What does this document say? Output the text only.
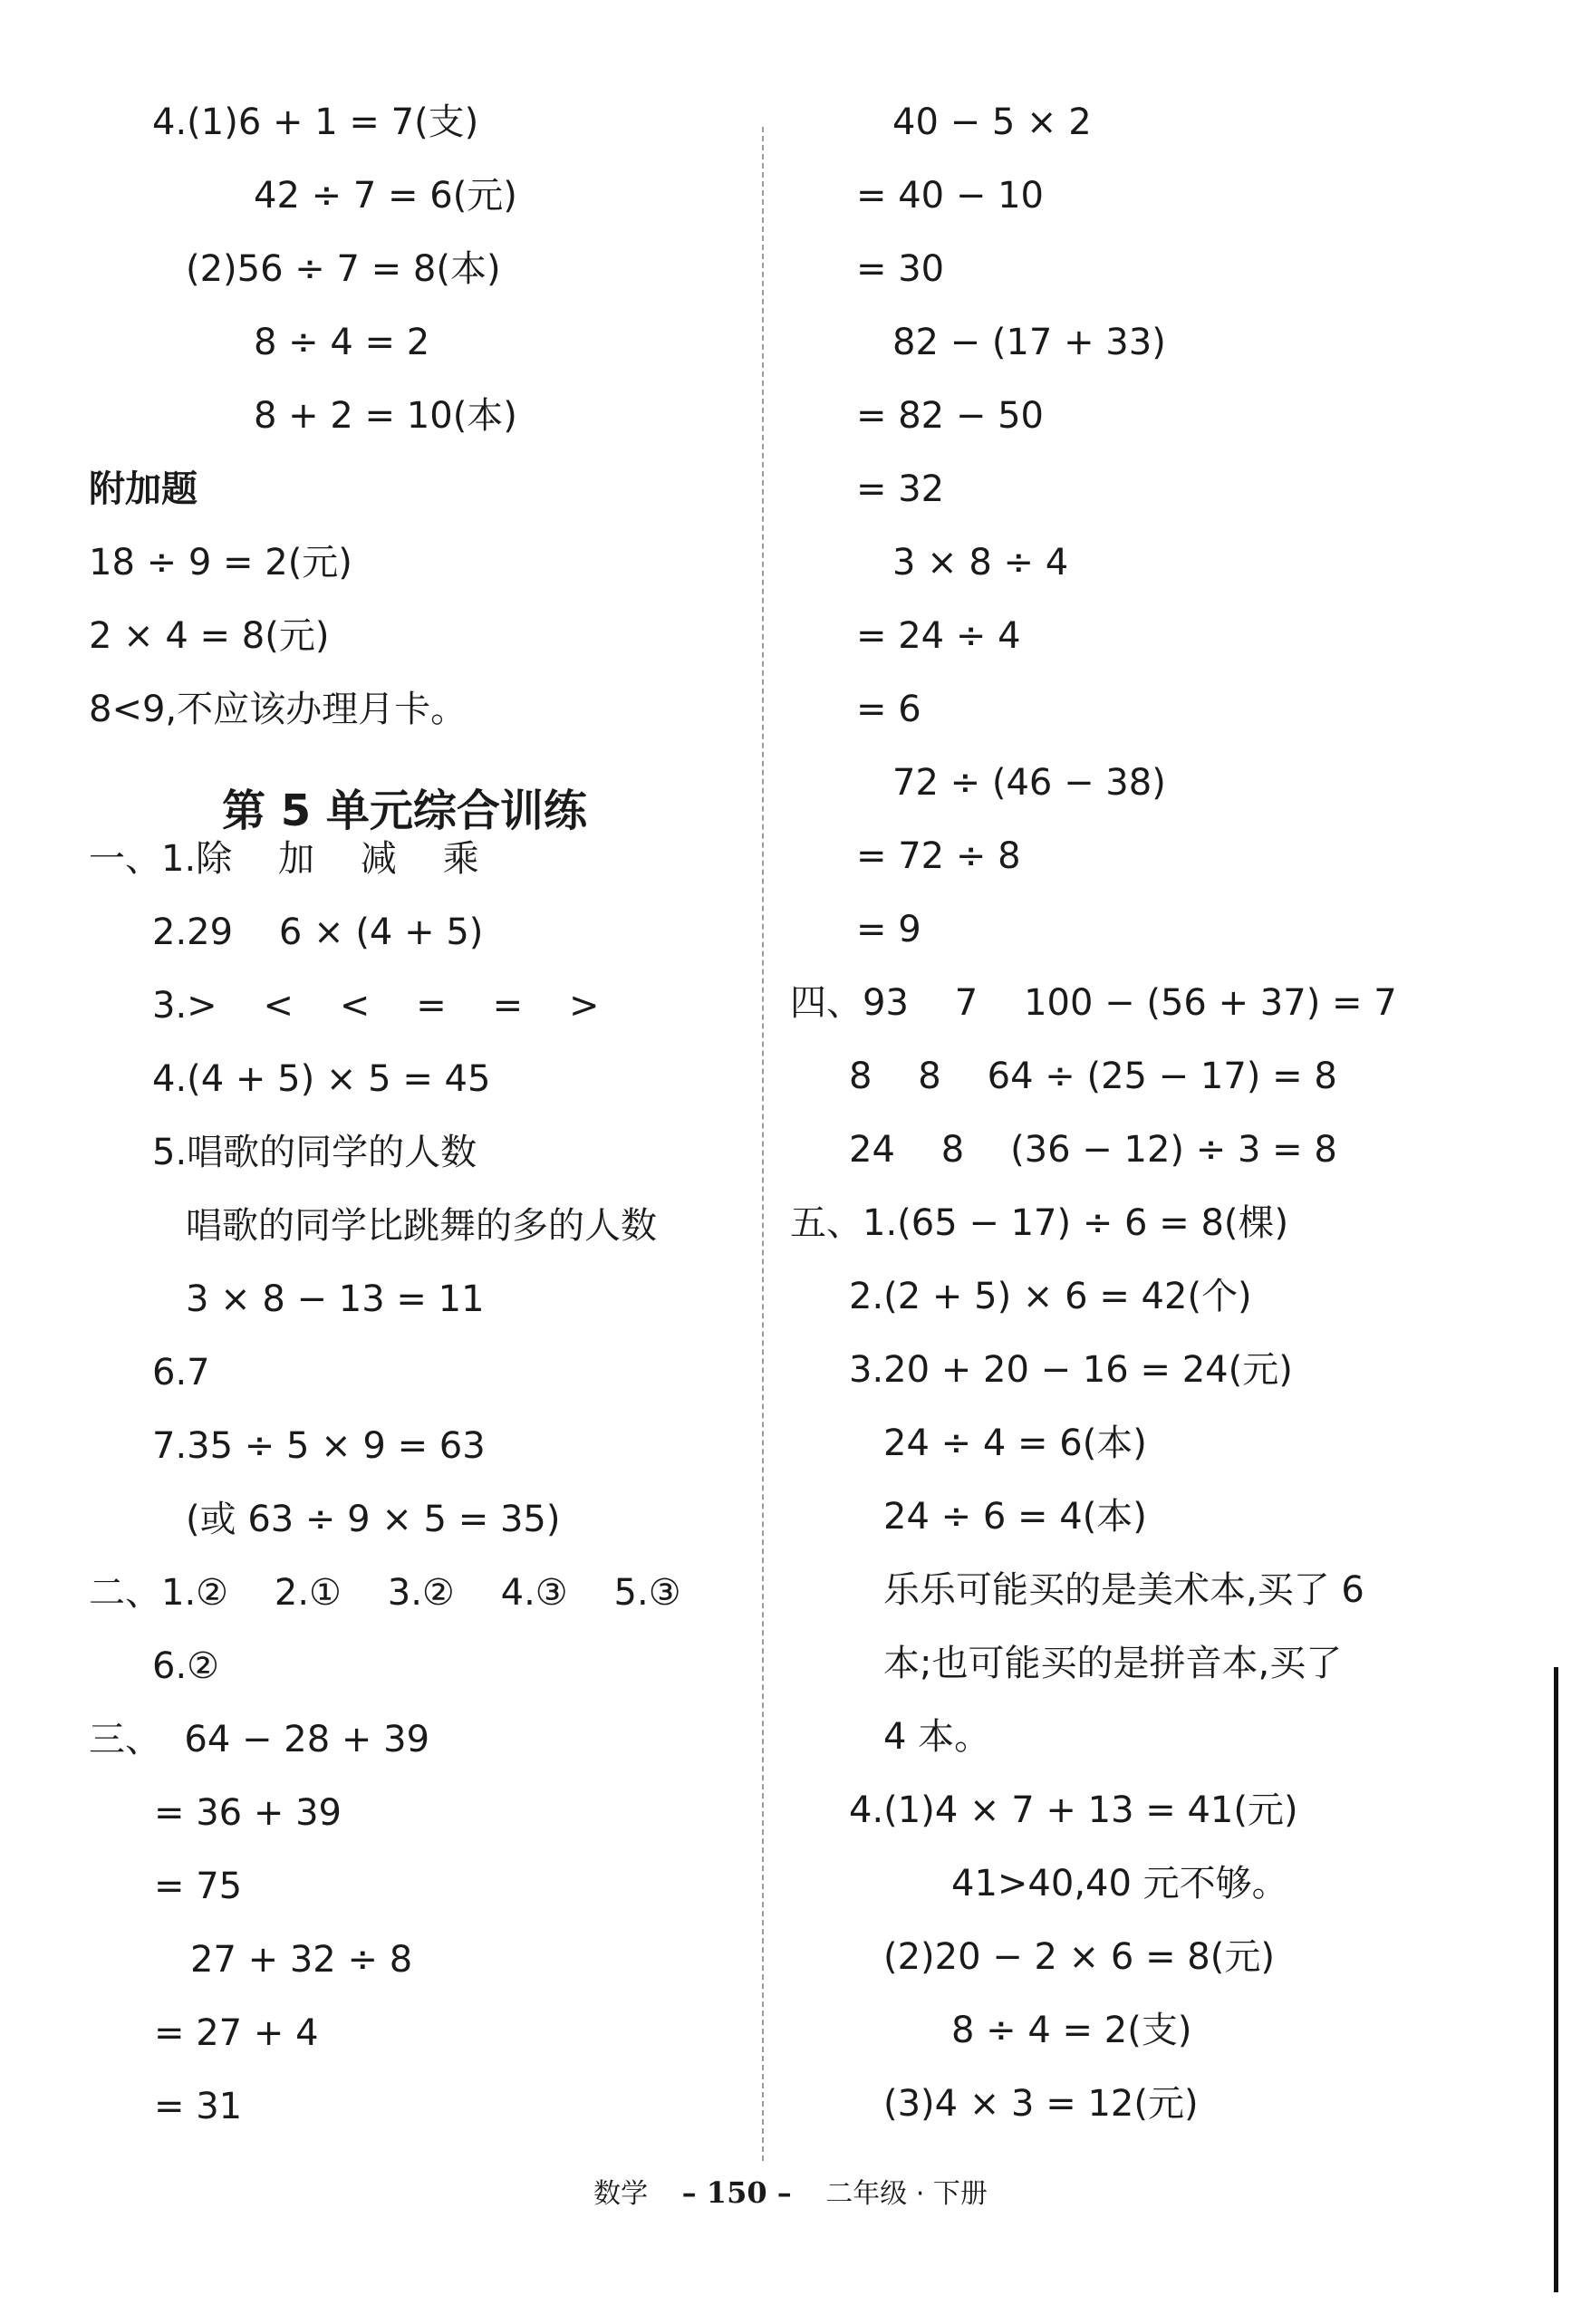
4.(1)6 + 1 = 7(支)
42 ÷ 7 = 6(元)
(2)56 ÷ 7 = 8(本)
8 ÷ 4 = 2
8 + 2 = 10(本)
附加题
18 ÷ 9 = 2(元)
2 × 4 = 8(元)
8<9,不应该办理月卡。
一、1.除    加    减    乘
2.29    6 × (4 + 5)
3.>    <    <    =    =    >
4.(4 + 5) × 5 = 45
5.唱歌的同学的人数
唱歌的同学比跳舞的多的人数
3 × 8 − 13 = 11
6.7
7.35 ÷ 5 × 9 = 63
(或 63 ÷ 9 × 5 = 35)
二、1.②    2.①    3.②    4.③    5.③
6.②
三、  64 − 28 + 39
= 36 + 39
= 75
27 + 32 ÷ 8
= 27 + 4
= 31
第 5 单元综合训练
40 − 5 × 2
= 40 − 10
= 30
82 − (17 + 33)
= 82 − 50
= 32
3 × 8 ÷ 4
= 24 ÷ 4
= 6
72 ÷ (46 − 38)
= 72 ÷ 8
= 9
四、93    7    100 − (56 + 37) = 7
8    8    64 ÷ (25 − 17) = 8
24    8    (36 − 12) ÷ 3 = 8
五、1.(65 − 17) ÷ 6 = 8(棵)
2.(2 + 5) × 6 = 42(个)
3.20 + 20 − 16 = 24(元)
24 ÷ 4 = 6(本)
24 ÷ 6 = 4(本)
乐乐可能买的是美术本,买了 6
本;也可能买的是拼音本,买了
4 本。
4.(1)4 × 7 + 13 = 41(元)
41>40,40 元不够。
(2)20 − 2 × 6 = 8(元)
8 ÷ 4 = 2(支)
(3)4 × 3 = 12(元)
数学 – 150 – 二年级 · 下册
